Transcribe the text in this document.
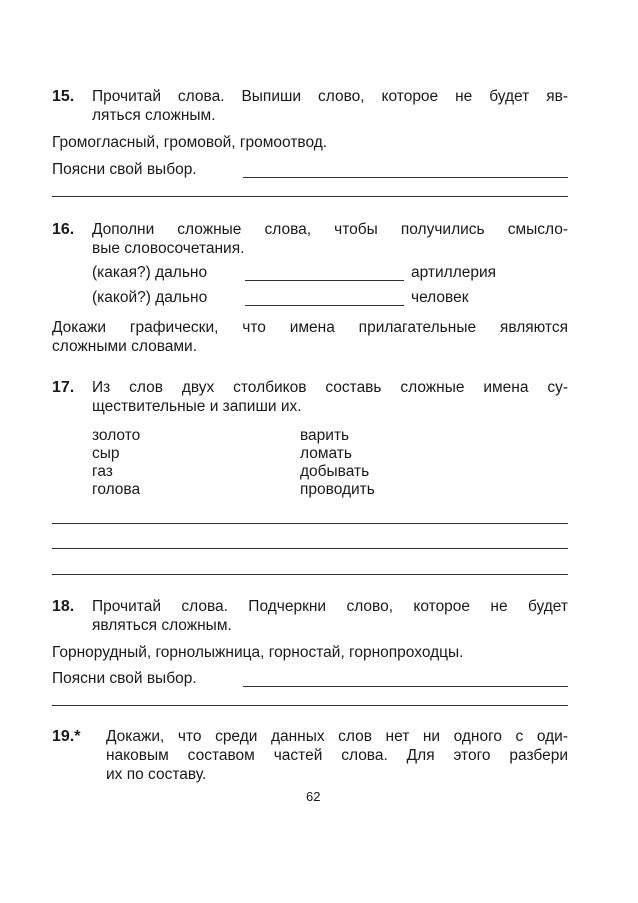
15. Прочитай слова. Выпиши слово, которое не будет яв-
ляться сложным.
Громогласный, громовой, громоотвод.
Поясни свой выбор.
16. Дополни сложные слова, чтобы получились смысло-
вые словосочетания.
(какая?) дально	артиллерия
(какой?) дально	человек
Докажи графически, что имена прилагательные являются
сложными словами.
17. Из слов двух столбиков составь сложные имена су-
ществительные и запиши их.
золото
сыр
газ
голова
варить
ломать
добывать
проводить
18. Прочитай слова. Подчеркни слово, которое не будет
являться сложным.
Горнорудный, горнолыжница, горностай, горнопроходцы.
Поясни свой выбор.
19.* Докажи, что среди данных слов нет ни одного с оди-
наковым составом частей слова. Для этого разбери
их по составу.
62
